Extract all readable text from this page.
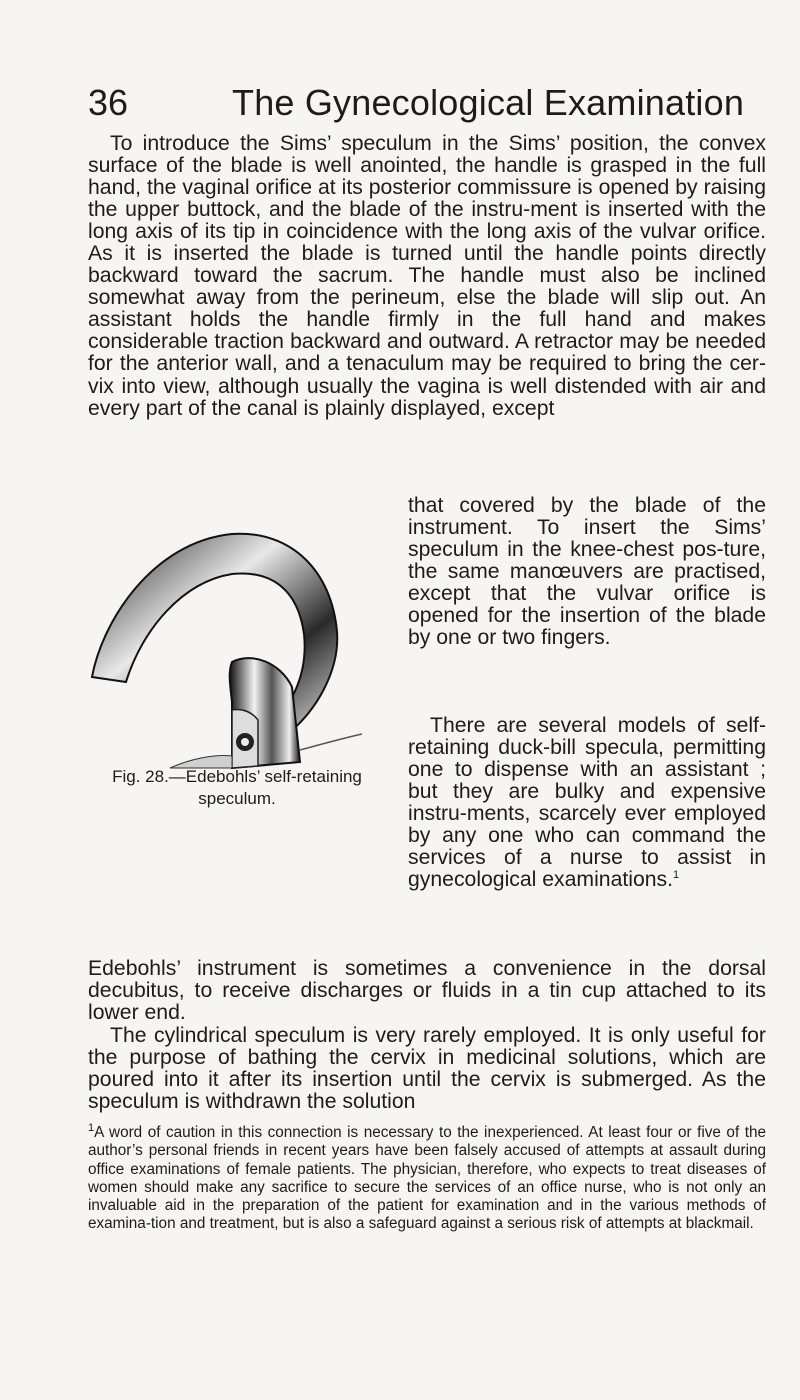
36	The Gynecological Examination
To introduce the Sims’ speculum in the Sims’ position, the convex surface of the blade is well anointed, the handle is grasped in the full hand, the vaginal orifice at its posterior commissure is opened by raising the upper buttock, and the blade of the instru-ment is inserted with the long axis of its tip in coincidence with the long axis of the vulvar orifice. As it is inserted the blade is turned until the handle points directly backward toward the sacrum. The handle must also be inclined somewhat away from the perineum, else the blade will slip out. An assistant holds the handle firmly in the full hand and makes considerable traction backward and outward. A retractor may be needed for the anterior wall, and a tenaculum may be required to bring the cer-vix into view, although usually the vagina is well distended with air and every part of the canal is plainly displayed, except
that covered by the blade of the instrument. To insert the Sims’ speculum in the knee-chest pos-ture, the same manœuvers are practised, except that the vulvar orifice is opened for the insertion of the blade by one or two fingers.
There are several models of self-retaining duck-bill specula, permitting one to dispense with an assistant ; but they are bulky and expensive instru-ments, scarcely ever employed by any one who can command the services of a nurse to assist in gynecological examinations.$^1$
Fig. 28.—Edebohls’ self-retaining
speculum.
Edebohls’ instrument is sometimes a convenience in the dorsal decubitus, to receive discharges or fluids in a tin cup attached to its lower end.
The cylindrical speculum is very rarely employed. It is only useful for the purpose of bathing the cervix in medicinal solutions, which are poured into it after its insertion until the cervix is submerged. As the speculum is withdrawn the solution
$^1$A word of caution in this connection is necessary to the inexperienced. At least four or five of the author’s personal friends in recent years have been falsely accused of attempts at assault during office examinations of female patients. The physician, therefore, who expects to treat diseases of women should make any sacrifice to secure the services of an office nurse, who is not only an invaluable aid in the preparation of the patient for examination and in the various methods of examina-tion and treatment, but is also a safeguard against a serious risk of attempts at blackmail.
